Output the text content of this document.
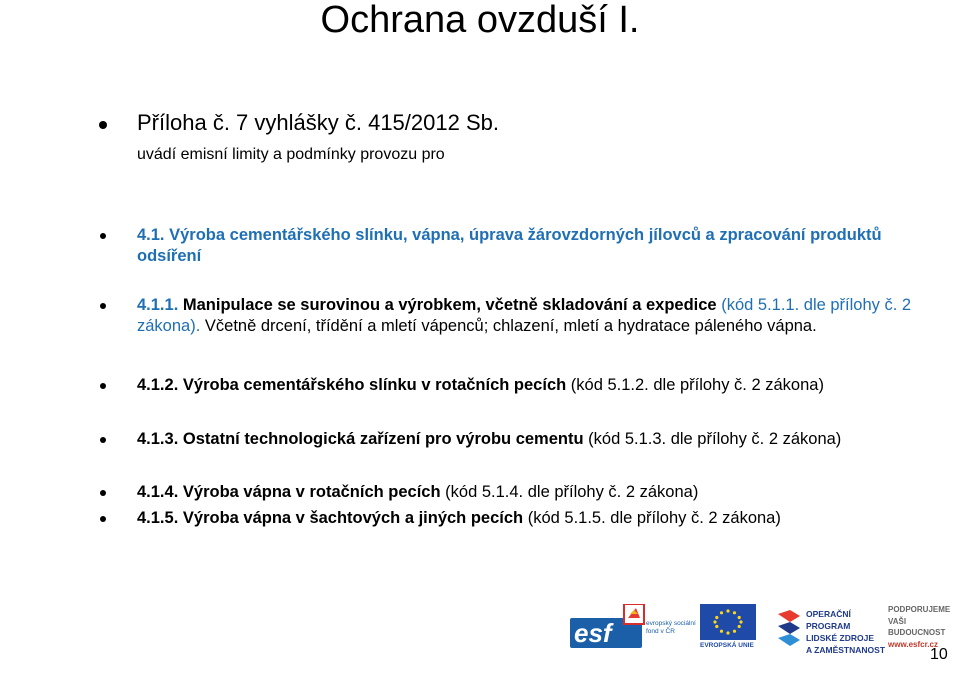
Ochrana ovzduší I.
Příloha č. 7 vyhlášky č. 415/2012 Sb.
uvádí emisní limity a podmínky provozu pro
4.1. Výroba cementářského slínku, vápna, úprava žárovzdorných jílovců a zpracování produktů odsíření
4.1.1. Manipulace se surovinou a výrobkem, včetně skladování a expedice (kód 5.1.1. dle přílohy č. 2 zákona). Včetně drcení, třídění a mletí vápenců; chlazení, mletí a hydratace páleného vápna.
4.1.2. Výroba cementářského slínku v rotačních pecích (kód 5.1.2. dle přílohy č. 2 zákona)
4.1.3. Ostatní technologická zařízení pro výrobu cementu (kód 5.1.3. dle přílohy č. 2 zákona)
4.1.4. Výroba vápna v rotačních pecích (kód 5.1.4. dle přílohy č. 2 zákona)
4.1.5. Výroba vápna v šachtových a jiných pecích (kód 5.1.5. dle přílohy č. 2 zákona)
esf	evropský sociální fond v ČR
EVROPSKÁ UNIE
OPERAČNÍ PROGRAM
LIDSKÉ ZDROJE
A ZAMĚSTNANOST
PODPORUJEME
VAŠI BUDOUCNOST
www.esfcr.cz
10
